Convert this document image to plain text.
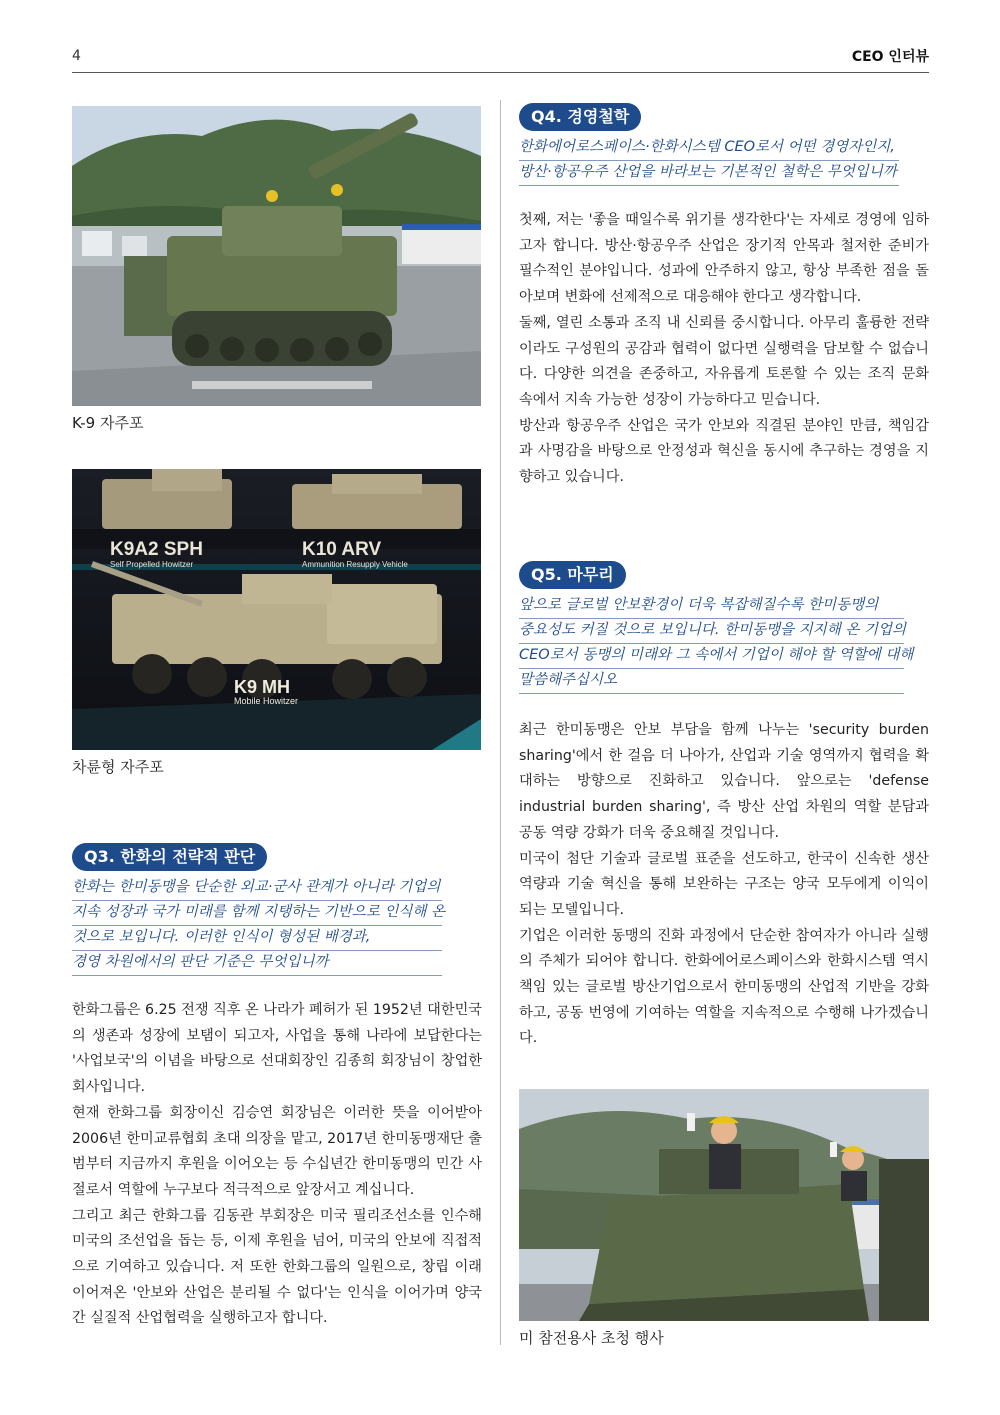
4	CEO 인터뷰
K-9 자주포
K9A2 SPH
Self Propelled Howitzer
K10 ARV
Ammunition Resupply Vehicle
K9 MH
Mobile Howitzer
차륜형 자주포
Q3. 한화의 전략적 판단
한화는 한미동맹을 단순한 외교·군사 관계가 아니라 기업의
지속 성장과 국가 미래를 함께 지탱하는 기반으로 인식해 온
것으로 보입니다. 이러한 인식이 형성된 배경과,
경영 차원에서의 판단 기준은 무엇입니까

한화그룹은 6.25 전쟁 직후 온 나라가 폐허가 된 1952년 대한민국의 생존과 성장에 보탬이 되고자, 사업을 통해 나라에 보답한다는 '사업보국'의 이념을 바탕으로 선대회장인 김종희 회장님이 창업한 회사입니다.

현재 한화그룹 회장이신 김승연 회장님은 이러한 뜻을 이어받아 2006년 한미교류협회 초대 의장을 맡고, 2017년 한미동맹재단 출범부터 지금까지 후원을 이어오는 등 수십년간 한미동맹의 민간 사절로서 역할에 누구보다 적극적으로 앞장서고 계십니다.

그리고 최근 한화그룹 김동관 부회장은 미국 필리조선소를 인수해 미국의 조선업을 돕는 등, 이제 후원을 넘어, 미국의 안보에 직접적 으로 기여하고 있습니다. 저 또한 한화그룹의 일원으로, 창립 이래 이어져온 '안보와 산업은 분리될 수 없다'는 인식을 이어가며 양국간 실질적 산업협력을 실행하고자 합니다.

Q4. 경영철학
한화에어로스페이스·한화시스템 CEO로서 어떤 경영자인지,
방산·항공우주 산업을 바라보는 기본적인 철학은 무엇입니까

첫째, 저는 '좋을 때일수록 위기를 생각한다'는 자세로 경영에 임하고자 합니다. 방산·항공우주 산업은 장기적 안목과 철저한 준비가 필수적인 분야입니다. 성과에 안주하지 않고, 항상 부족한 점을 돌아보며 변화에 선제적으로 대응해야 한다고 생각합니다.

둘째, 열린 소통과 조직 내 신뢰를 중시합니다. 아무리 훌륭한 전략이라도 구성원의 공감과 협력이 없다면 실행력을 담보할 수 없습니다. 다양한 의견을 존중하고, 자유롭게 토론할 수 있는 조직 문화 속에서 지속 가능한 성장이 가능하다고 믿습니다.

방산과 항공우주 산업은 국가 안보와 직결된 분야인 만큼, 책임감과 사명감을 바탕으로 안정성과 혁신을 동시에 추구하는 경영을 지향하고 있습니다.

Q5. 마무리
앞으로 글로벌 안보환경이 더욱 복잡해질수록 한미동맹의
중요성도 커질 것으로 보입니다. 한미동맹을 지지해 온 기업의
CEO로서 동맹의 미래와 그 속에서 기업이 해야 할 역할에 대해
말씀해주십시오

최근 한미동맹은 안보 부담을 함께 나누는 'security burden sharing'에서 한 걸음 더 나아가, 산업과 기술 영역까지 협력을 확대하는 방향으로 진화하고 있습니다. 앞으로는 'defense industrial burden sharing', 즉 방산 산업 차원의 역할 분담과 공동 역량 강화가 더욱 중요해질 것입니다.

미국이 첨단 기술과 글로벌 표준을 선도하고, 한국이 신속한 생산 역량과 기술 혁신을 통해 보완하는 구조는 양국 모두에게 이익이 되는 모델입니다.

기업은 이러한 동맹의 진화 과정에서 단순한 참여자가 아니라 실행의 주체가 되어야 합니다. 한화에어로스페이스와 한화시스템 역시 책임 있는 글로벌 방산기업으로서 한미동맹의 산업적 기반을 강화하고, 공동 번영에 기여하는 역할을 지속적으로 수행해 나가겠습니다.

미 참전용사 초청 행사
